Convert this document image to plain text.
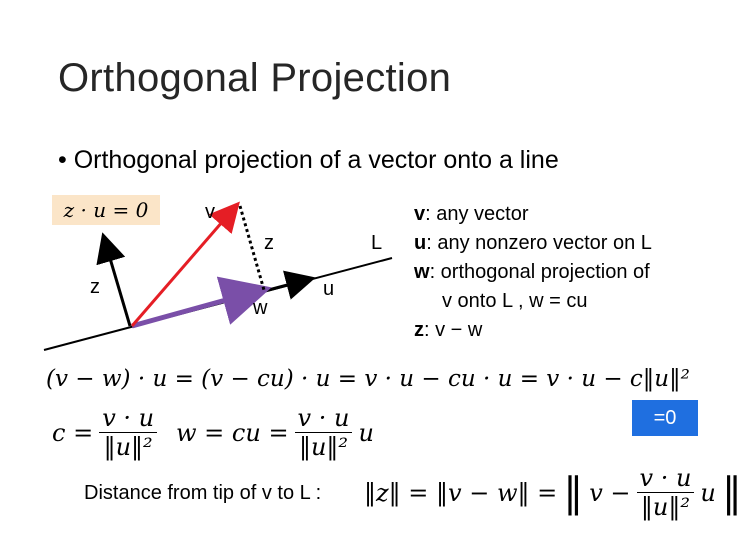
Orthogonal Projection
• Orthogonal projection of a vector onto a line
z · u = 0	v
z
z
w
u
L
v: any vector
u: any nonzero vector on L
w: orthogonal projection of
v onto L , w = cu
z: v − w
(v − w) · u = (v − cu) · u = v · u − cu · u = v · u − c‖u‖²
=0
$c = \frac{v \cdot u}{\text{‖u‖²}}$ w = cu = $\frac{v \cdot u}{\text{‖u‖²}}$ u
Distance from tip of v to L : ‖z‖ = ‖v − w‖ = ‖ $v - \frac{v \cdot u}{\text{‖u‖²}}$ u ‖
